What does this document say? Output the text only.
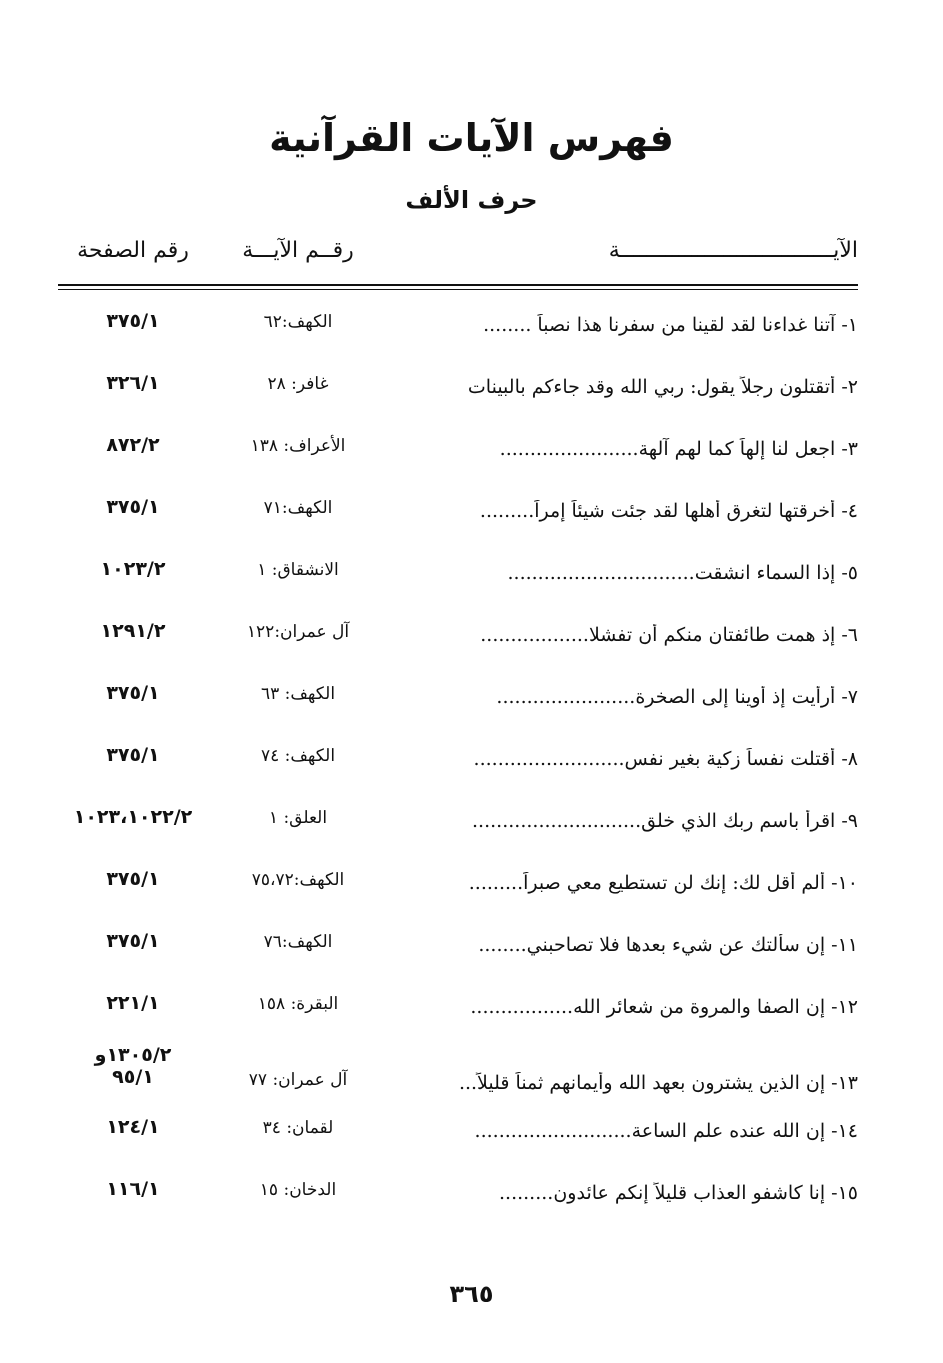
فهرس الآيات القرآنية
حرف الألف
الآيـــــــــــــــــــــــــــــــــة
رقــم الآيـــة
رقم الصفحة
١- آتنا غداءنا لقد لقينا من سفرنا هذا نصباً ........
الكهف:٦٢
٣٧٥/١
٢- أتقتلون رجلاً يقول: ربي الله وقد جاءكم بالبينات
غافر: ٢٨
٣٢٦/١
٣- اجعل لنا إلهاً كما لهم آلهة.......................
الأعراف: ١٣٨
٨٧٢/٢
٤- أخرقتها لتغرق أهلها لقد جئت شيئاً إمراً.........
الكهف:٧١
٣٧٥/١
٥- إذا السماء انشقت...............................
الانشقاق: ١
١٠٢٣/٢
٦- إذ همت طائفتان منكم أن تفشلا..................
آل عمران:١٢٢
١٢٩١/٢
٧- أرأيت إذ أوينا إلى الصخرة.......................
الكهف: ٦٣
٣٧٥/١
٨- أقتلت نفساً زكية بغير نفس.........................
الكهف: ٧٤
٣٧٥/١
٩- اقرأ باسم ربك الذي خلق............................
العلق: ١
١٠٢٣،١٠٢٢/٢
١٠- ألم أقل لك: إنك لن تستطيع معي صبراً.........
الكهف:٧٥،٧٢
٣٧٥/١
١١- إن سألتك عن شيء بعدها فلا تصاحبني........
الكهف:٧٦
٣٧٥/١
١٢- إن الصفا والمروة من شعائر الله.................
البقرة: ١٥٨
٢٢١/١
١٣- إن الذين يشترون بعهد الله وأيمانهم ثمناً قليلاً...
آل عمران: ٧٧
١٣٠٥/٢و
٩٥/١
١٤- إن الله عنده علم الساعة..........................
لقمان: ٣٤
١٢٤/١
١٥- إنا كاشفو العذاب قليلاً إنكم عائدون.........
الدخان: ١٥
١١٦/١
٣٦٥
